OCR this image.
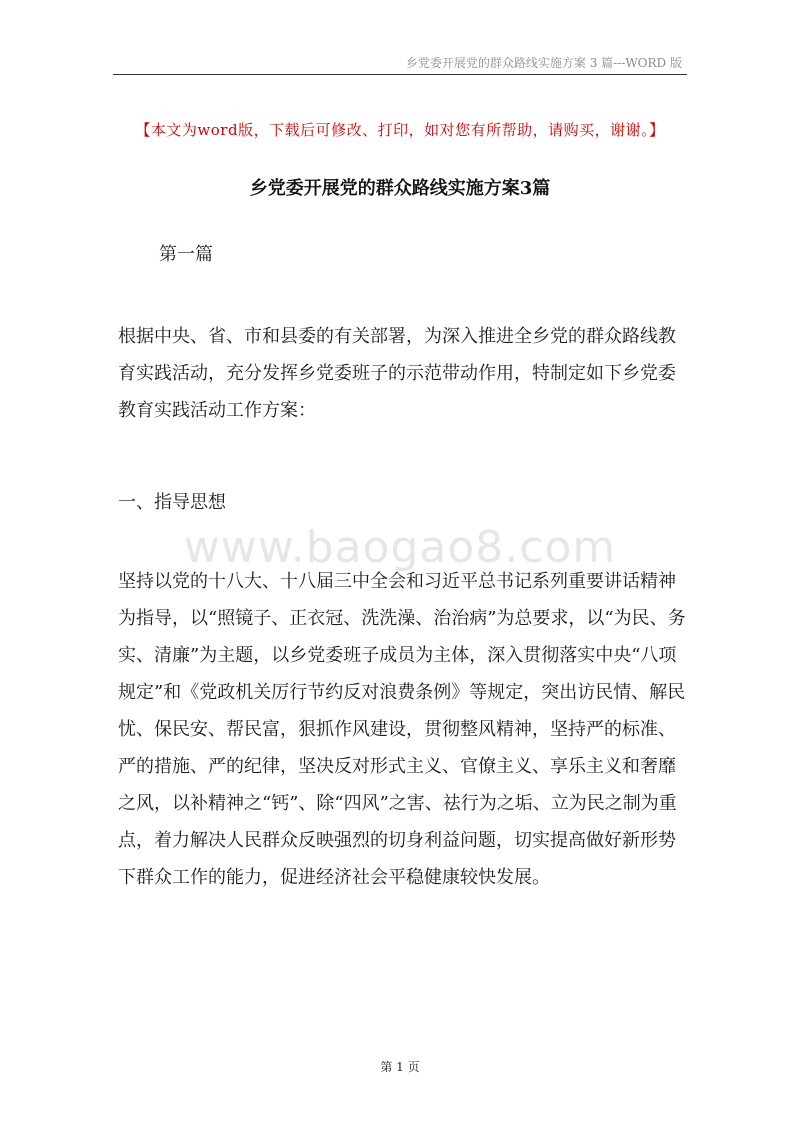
乡党委开展党的群众路线实施方案 3 篇---WORD 版
【本文为word版，下载后可修改、打印，如对您有所帮助，请购买，谢谢。】
乡党委开展党的群众路线实施方案3篇
第一篇

根据中央、省、市和县委的有关部署，为深入推进全乡党的群众路线教育实践活动，充分发挥乡党委班子的示范带动作用，特制定如下乡党委教育实践活动工作方案：

一、指导思想
www.baogao8.com

坚持以党的十八大、十八届三中全会和习近平总书记系列重要讲话精神为指导，以“照镜子、正衣冠、洗洗澡、治治病”为总要求，以“为民、务实、清廉”为主题，以乡党委班子成员为主体，深入贯彻落实中央“八项规定”和《党政机关厉行节约反对浪费条例》等规定，突出访民情、解民忧、保民安、帮民富，狠抓作风建设，贯彻整风精神，坚持严的标准、严的措施、严的纪律，坚决反对形式主义、官僚主义、享乐主义和奢靡之风，以补精神之“钙”、除“四风”之害、祛行为之垢、立为民之制为重点，着力解决人民群众反映强烈的切身利益问题，切实提高做好新形势下群众工作的能力，促进经济社会平稳健康较快发展。

第 1 页
